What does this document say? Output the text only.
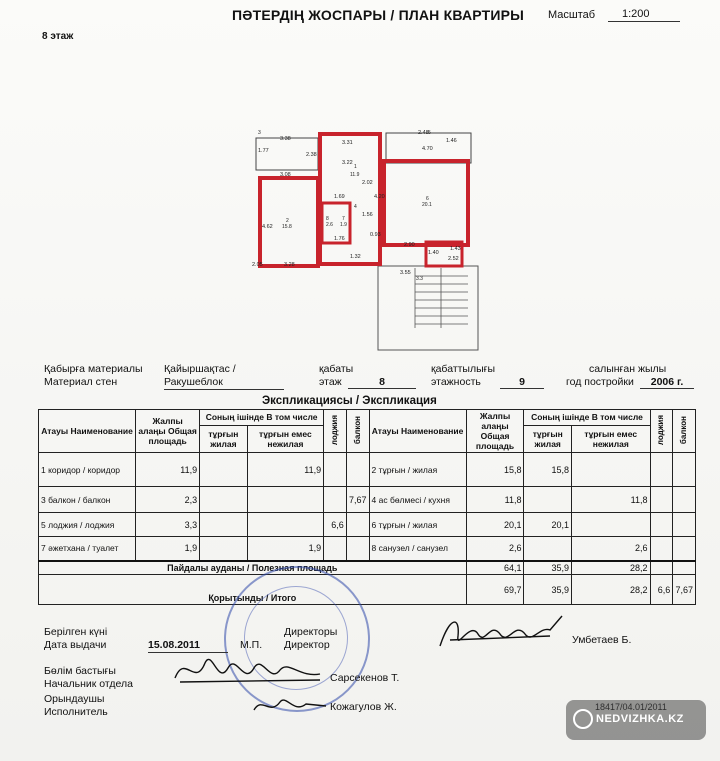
ПӘТЕРДІҢ ЖОСПАРЫ / ПЛАН КВАРТИРЫ Масштаб 1:200
8 этаж
3.38
3.31
2.48
1.77
2.38
3.22
4.70
1.46
3.08
2.02
1.69	4.20
1.56
4.62
1.76
2.90
1.32
1.40
3.28
0.93
1.43
2.52
3.55
2.05
11.9
20.1
15.8	2.6 1.9
3.3
1
2
3
4
5
6
7
8
Қабырға материалы
Материал стен
Қайыршақтас /
Ракушеблок
қабаты
этаж	8
қабаттылығы
этажность	9
салынған жылы
год постройки	2006 г.
Экспликациясы / Экспликация
Атауы Наименование	Жалпы алаңы Общая площадь	Соның ішінде В том числе		лоджия	балкон	Атауы Наименование	Жалпы алаңы Общая площадь	Соның ішінде В том числе		лоджия	балкон
		тұрғын жилая	тұрғын емес нежилая					тұрғын жилая	тұрғын емес нежилая		
1 коридор / коридор	11,9		11,9			2 тұрғын / жилая	15,8	15,8			
3 балкон / балкон	2,3				7,67	4 ас бөлмесі / кухня	11,8		11,8		
5 лоджия / лоджия	3,3			6,6		6 тұрғын / жилая	20,1	20,1			
7 әжетхана / туалет	1,9		1,9			8 санузел / санузел	2,6		2,6		
Пайдалы ауданы / Полезная площадь							64,1	35,9	28,2		
Қорытынды / Итого							69,7	35,9	28,2	6,6	7,67
Берілген күні
Дата выдачи	15.08.2011	М.П.
Директоры
Директор	Умбетаев Б.
Бөлім бастығы
Начальник отдела	Сарсекенов Т.
Орындаушы
Исполнитель	Кожагулов Ж.
NEDVIZHKA.KZ
